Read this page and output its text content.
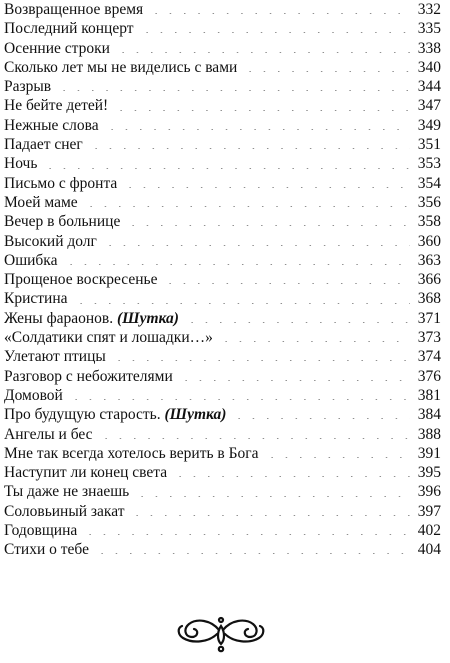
Возвращенное время	332
Последний концерт	335
Осенние строки	338
Сколько лет мы не виделись с вами	340
Разрыв	344
Не бейте детей!	347
Нежные слова	349
Падает снег	351
Ночь	353
Письмо с фронта	354
Моей маме	356
Вечер в больнице	358
Высокий долг	360
Ошибка	363
Прощеное воскресенье	366
Кристина	368
Жены фараонов. (Шутка)	371
«Солдатики спят и лошадки…»	373
Улетают птицы	374
Разговор с небожителями	376
Домовой	381
Про будущую старость. (Шутка)	384
Ангелы и бес	388
Мне так всегда хотелось верить в Бога	391
Наступит ли конец света	395
Ты даже не знаешь	396
Соловьиный закат	397
Годовщина	402
Стихи о тебе	404
